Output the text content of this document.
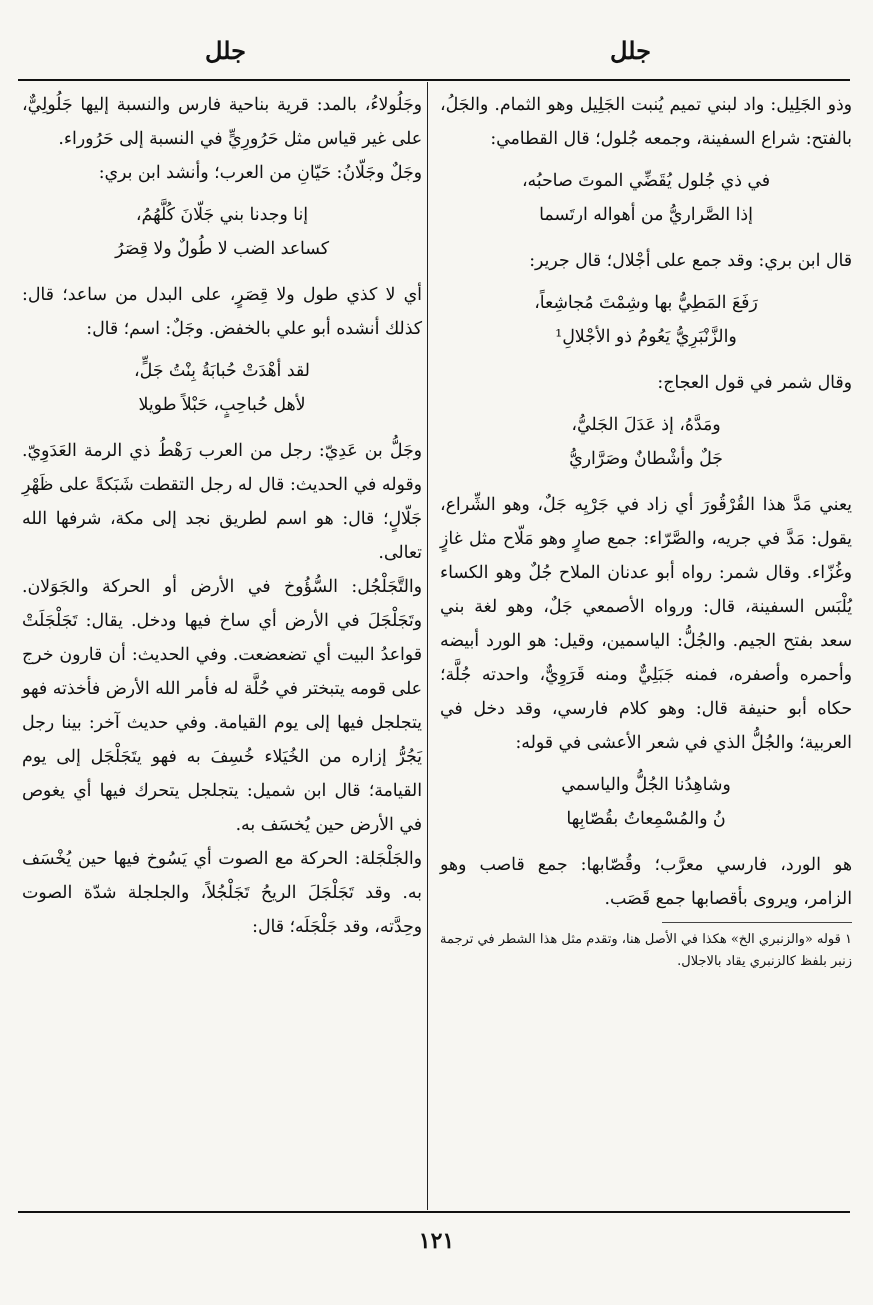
جلل	جلل

وذو الجَلِيل: واد لبني تميم يُنبت الجَلِيل وهو الثمام. والجَلُ، بالفتح: شراع السفينة، وجمعه جُلول؛ قال القطامي:

في ذي جُلول يُقَضِّي الموتَ صاحبُه،
إذا الصَّراريُّ من أهواله ارتَسما

قال ابن بري: وقد جمع على أجْلال؛ قال جرير:

رَفَعَ المَطِيُّ بها وشِمْتَ مُجاشِعاً،
والزَّنْبَرِيُّ يَعُومُ ذو الأجْلالِ¹

وقال شمر في قول العجاج:

ومَدَّهُ، إذ عَدَلَ الجَليُّ،
جَلٌ وأشْطانٌ وصَرَّاريُّ

يعني مَدَّ هذا القُرْقُورَ أي زاد في جَرْيِه جَلٌ، وهو الشِّراع، يقول: مَدَّ في جريه، والصَّرّاء: جمع صارٍ وهو مَلّاح مثل غازٍ وغُزّاء. وقال شمر: رواه أبو عدنان الملاح جُلٌ وهو الكساء يُلْبَس السفينة، قال: ورواه الأصمعي جَلٌ، وهو لغة بني سعد بفتح الجيم. والجُلُّ: الياسمين، وقيل: هو الورد أبيضه وأحمره وأصفره، فمنه جَبَلِيٌّ ومنه قَرَوِيٌّ، واحدته جُلَّة؛ حكاه أبو حنيفة قال: وهو كلام فارسي، وقد دخل في العربية؛ والجُلُّ الذي في شعر الأعشى في قوله:

وشاهِدُنا الجُلُّ والياسمي
نُ والمُسْمِعاتُ بقُصّابِها

هو الورد، فارسي معرَّب؛ وقُصّابها: جمع قاصب وهو الزامر، ويروى بأقصابها جمع قَصَب.

١ قوله «والزنبري الخ» هكذا في الأصل هنا، وتقدم مثل هذا الشطر في ترجمة زنبر بلفظ كالزنبري يقاد بالاجلال.

وجَلُولاءُ، بالمد: قرية بناحية فارس والنسبة إليها جَلُولِيٌّ، على غير قياس مثل حَرُورِيٍّ في النسبة إلى حَرُوراء.

وجَلٌ وجَلّانُ: حَيّانِ من العرب؛ وأنشد ابن بري:

إنا وجدنا بني جَلّانَ كُلَّهُمُ،
كساعد الضب لا طُولٌ ولا قِصَرُ

أي لا كذي طول ولا قِصَرٍ، على البدل من ساعد؛ قال: كذلك أنشده أبو علي بالخفض. وجَلٌ: اسم؛ قال:

لقد أهْدَتْ حُبابَةُ بِنْتُ جَلٍّ،
لأهل حُباحِبٍ، حَبْلاً طويلا

وجَلُّ بن عَدِيّ: رجل من العرب رَهْطُ ذي الرمة العَدَوِيّ. وقوله في الحديث: قال له رجل التقطت شَبَكةً على ظَهْرِ جَلّالٍ؛ قال: هو اسم لطريق نجد إلى مكة، شرفها الله تعالى.

والتَّجَلْجُل: السُّؤُوخ في الأرض أو الحركة والجَوَلان. وتَجَلْجَلَ في الأرض أي ساخ فيها ودخل. يقال: تَجَلْجَلَتْ قواعدُ البيت أي تضعضعت. وفي الحديث: أن قارون خرج على قومه يتبختر في حُلَّة له فأمر الله الأرض فأخذته فهو يتجلجل فيها إلى يوم القيامة. وفي حديث آخر: بينا رجل يَجُرُّ إزاره من الخُيَلاء خُسِفَ به فهو يتَجَلْجَل إلى يوم القيامة؛ قال ابن شميل: يتجلجل يتحرك فيها أي يغوص في الأرض حين يُخسَف به.

والجَلْجَلة: الحركة مع الصوت أي يَسُوخ فيها حين يُخْسَف به. وقد تَجَلْجَلَ الريحُ تَجَلْجُلاً، والجلجلة شدّة الصوت وحِدَّته، وقد جَلْجَلَه؛ قال:

١٢١
